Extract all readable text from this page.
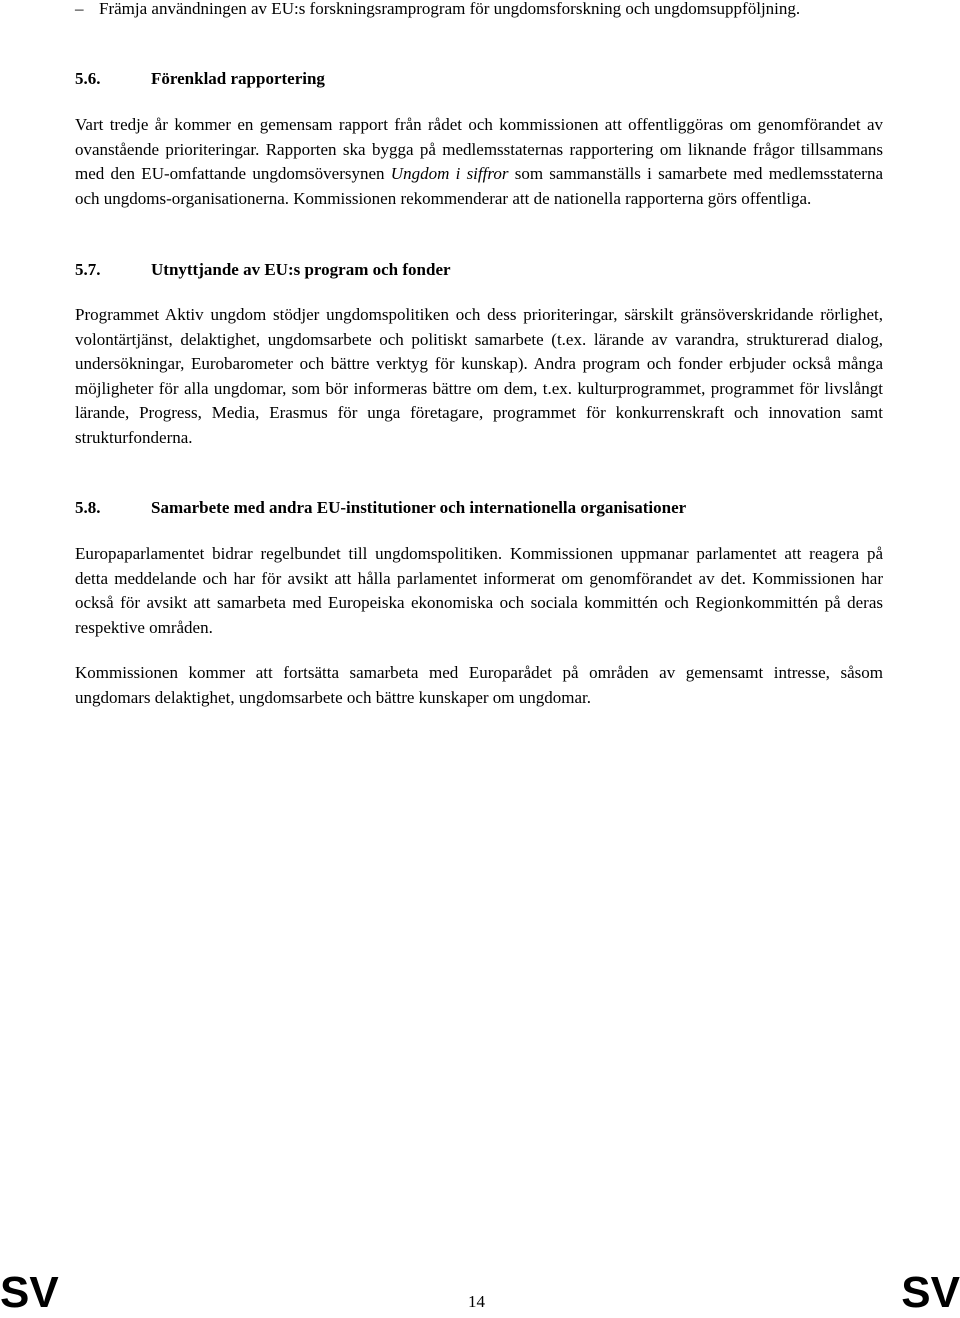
– Främja användningen av EU:s forskningsramprogram för ungdomsforskning och ungdomsuppföljning.
5.6.	Förenklad rapportering

Vart tredje år kommer en gemensam rapport från rådet och kommissionen att offentliggöras om genomförandet av ovanstående prioriteringar. Rapporten ska bygga på medlemsstaternas rapportering om liknande frågor tillsammans med den EU-omfattande ungdomsöversynen Ungdom i siffror som sammanställs i samarbete med medlemsstaterna och ungdoms-organisationerna. Kommissionen rekommenderar att de nationella rapporterna görs offentliga.

5.7.	Utnyttjande av EU:s program och fonder

Programmet Aktiv ungdom stödjer ungdomspolitiken och dess prioriteringar, särskilt gränsöverskridande rörlighet, volontärtjänst, delaktighet, ungdomsarbete och politiskt samarbete (t.ex. lärande av varandra, strukturerad dialog, undersökningar, Eurobarometer och bättre verktyg för kunskap). Andra program och fonder erbjuder också många möjligheter för alla ungdomar, som bör informeras bättre om dem, t.ex. kulturprogrammet, programmet för livslångt lärande, Progress, Media, Erasmus för unga företagare, programmet för konkurrenskraft och innovation samt strukturfonderna.

5.8.	Samarbete med andra EU-institutioner och internationella organisationer

Europaparlamentet bidrar regelbundet till ungdomspolitiken. Kommissionen uppmanar parlamentet att reagera på detta meddelande och har för avsikt att hålla parlamentet informerat om genomförandet av det. Kommissionen har också för avsikt att samarbeta med Europeiska ekonomiska och sociala kommittén och Regionkommittén på deras respektive områden.

Kommissionen kommer att fortsätta samarbeta med Europarådet på områden av gemensamt intresse, såsom ungdomars delaktighet, ungdomsarbete och bättre kunskaper om ungdomar.

SV	14	SV
